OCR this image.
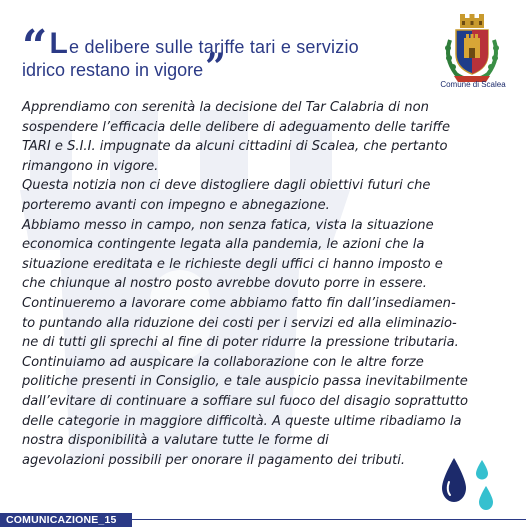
“ L e delibere sulle tariffe tari e servizio
idrico restano in vigore ”	Comune di Scalea
Apprendiamo con serenità la decisione del Tar Calabria di non
sospendere l’efficacia delle delibere di adeguamento delle tariffe
TARI e S.I.I. impugnate da alcuni cittadini di Scalea, che pertanto
rimangono in vigore.
Questa notizia non ci deve distogliere dagli obiettivi futuri che
porteremo avanti con impegno e abnegazione.
Abbiamo messo in campo, non senza fatica, vista la situazione
economica contingente legata alla pandemia, le azioni che la
situazione ereditata e le richieste degli uffici ci hanno imposto e
che chiunque al nostro posto avrebbe dovuto porre in essere.
Continueremo a lavorare come abbiamo fatto fin dall’insediamen-
to puntando alla riduzione dei costi per i servizi ed alla eliminazio-
ne di tutti gli sprechi al fine di poter ridurre la pressione tributaria.
Continuiamo ad auspicare la collaborazione con le altre forze
politiche presenti in Consiglio, e tale auspicio passa inevitabilmente
dall’evitare di continuare a soffiare sul fuoco del disagio soprattutto
delle categorie in maggiore difficoltà. A queste ultime ribadiamo la
nostra disponibilità a valutare tutte le forme di
agevolazioni possibili per onorare il pagamento dei tributi.
COMUNICAZIONE_15
